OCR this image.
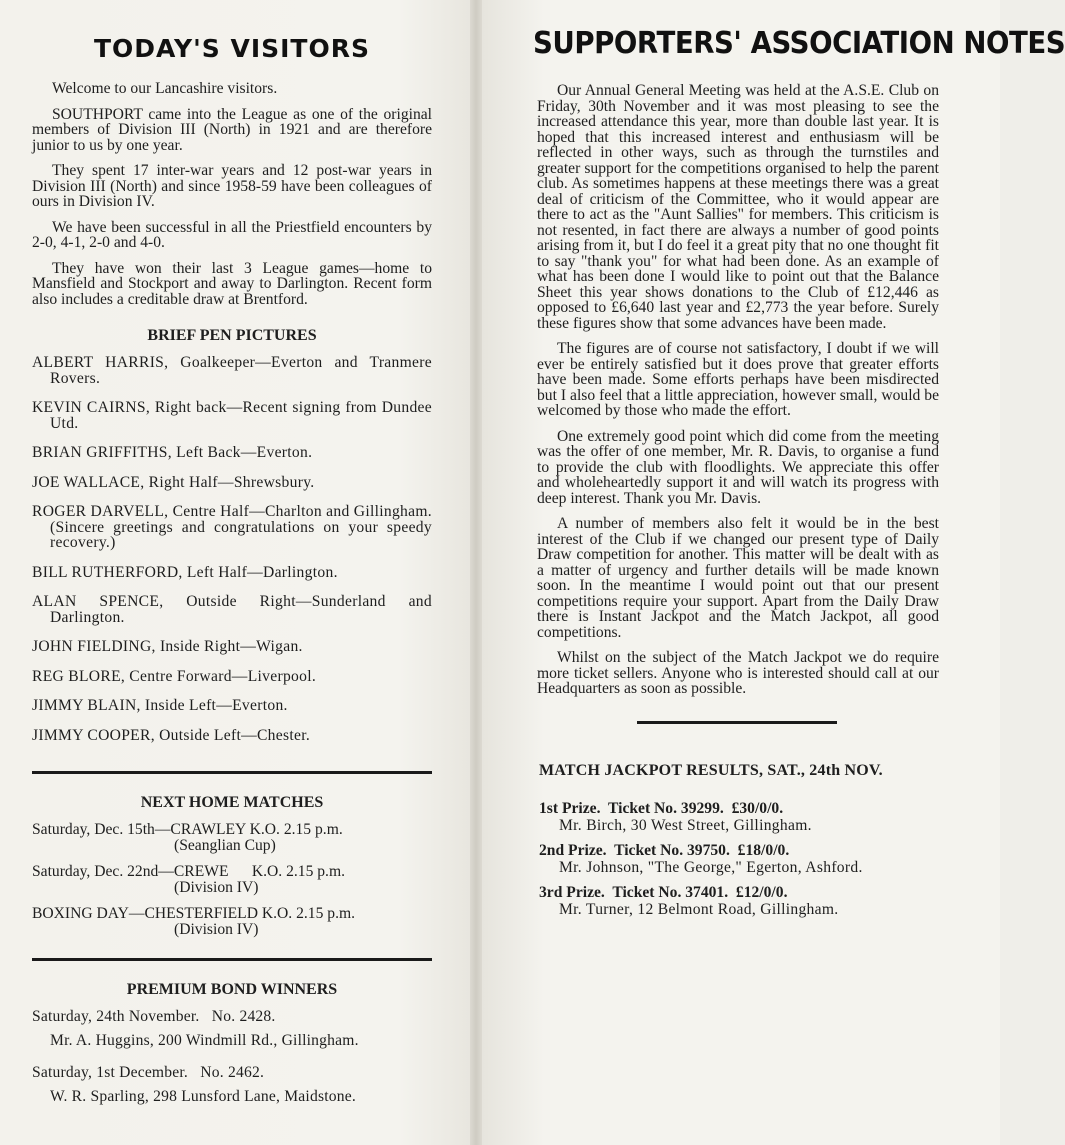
TODAY'S VISITORS

Welcome to our Lancashire visitors.

SOUTHPORT came into the League as one of the original members of Division III (North) in 1921 and are therefore junior to us by one year.

They spent 17 inter-war years and 12 post-war years in Division III (North) and since 1958-59 have been colleagues of ours in Division IV.

We have been successful in all the Priestfield encounters by 2-0, 4-1, 2-0 and 4-0.

They have won their last 3 League games—home to Mansfield and Stockport and away to Darlington. Recent form also includes a creditable draw at Brentford.

BRIEF PEN PICTURES
ALBERT HARRIS, Goalkeeper—Everton and Tranmere Rovers.
KEVIN CAIRNS, Right back—Recent signing from Dundee Utd.
BRIAN GRIFFITHS, Left Back—Everton.
JOE WALLACE, Right Half—Shrewsbury.
ROGER DARVELL, Centre Half—Charlton and Gillingham. (Sincere greetings and congratulations on your speedy recovery.)
BILL RUTHERFORD, Left Half—Darlington.
ALAN SPENCE, Outside Right—Sunderland and Darlington.
JOHN FIELDING, Inside Right—Wigan.
REG BLORE, Centre Forward—Liverpool.
JIMMY BLAIN, Inside Left—Everton.
JIMMY COOPER, Outside Left—Chester.
NEXT HOME MATCHES
Saturday, Dec. 15th—CRAWLEY K.O. 2.15 p.m.
(Seanglian Cup)
Saturday, Dec. 22nd—CREWE      K.O. 2.15 p.m.
(Division IV)
BOXING DAY—CHESTERFIELD K.O. 2.15 p.m.
(Division IV)
PREMIUM BOND WINNERS
Saturday, 24th November.   No. 2428.
Mr. A. Huggins, 200 Windmill Rd., Gillingham.
Saturday, 1st December.   No. 2462.
W. R. Sparling, 298 Lunsford Lane, Maidstone.
SUPPORTERS' ASSOCIATION NOTES

Our Annual General Meeting was held at the A.S.E. Club on Friday, 30th November and it was most pleasing to see the increased attendance this year, more than double last year. It is hoped that this increased interest and enthusiasm will be reflected in other ways, such as through the turnstiles and greater support for the competitions organised to help the parent club. As sometimes happens at these meetings there was a great deal of criticism of the Committee, who it would appear are there to act as the "Aunt Sallies" for members. This criticism is not resented, in fact there are always a number of good points arising from it, but I do feel it a great pity that no one thought fit to say "thank you" for what had been done. As an example of what has been done I would like to point out that the Balance Sheet this year shows donations to the Club of £12,446 as opposed to £6,640 last year and £2,773 the year before. Surely these figures show that some advances have been made.

The figures are of course not satisfactory, I doubt if we will ever be entirely satisfied but it does prove that greater efforts have been made. Some efforts perhaps have been misdirected but I also feel that a little appreciation, however small, would be welcomed by those who made the effort.

One extremely good point which did come from the meeting was the offer of one member, Mr. R. Davis, to organise a fund to provide the club with floodlights. We appreciate this offer and wholeheartedly support it and will watch its progress with deep interest. Thank you Mr. Davis.

A number of members also felt it would be in the best interest of the Club if we changed our present type of Daily Draw competition for another. This matter will be dealt with as a matter of urgency and further details will be made known soon. In the meantime I would point out that our present competitions require your support. Apart from the Daily Draw there is Instant Jackpot and the Match Jackpot, all good competitions.

Whilst on the subject of the Match Jackpot we do require more ticket sellers. Anyone who is interested should call at our Headquarters as soon as possible.

MATCH JACKPOT RESULTS, SAT., 24th NOV.
1st Prize.  Ticket No. 39299.  £30/0/0.
Mr. Birch, 30 West Street, Gillingham.
2nd Prize.  Ticket No. 39750.  £18/0/0.
Mr. Johnson, "The George," Egerton, Ashford.
3rd Prize.  Ticket No. 37401.  £12/0/0.
Mr. Turner, 12 Belmont Road, Gillingham.
